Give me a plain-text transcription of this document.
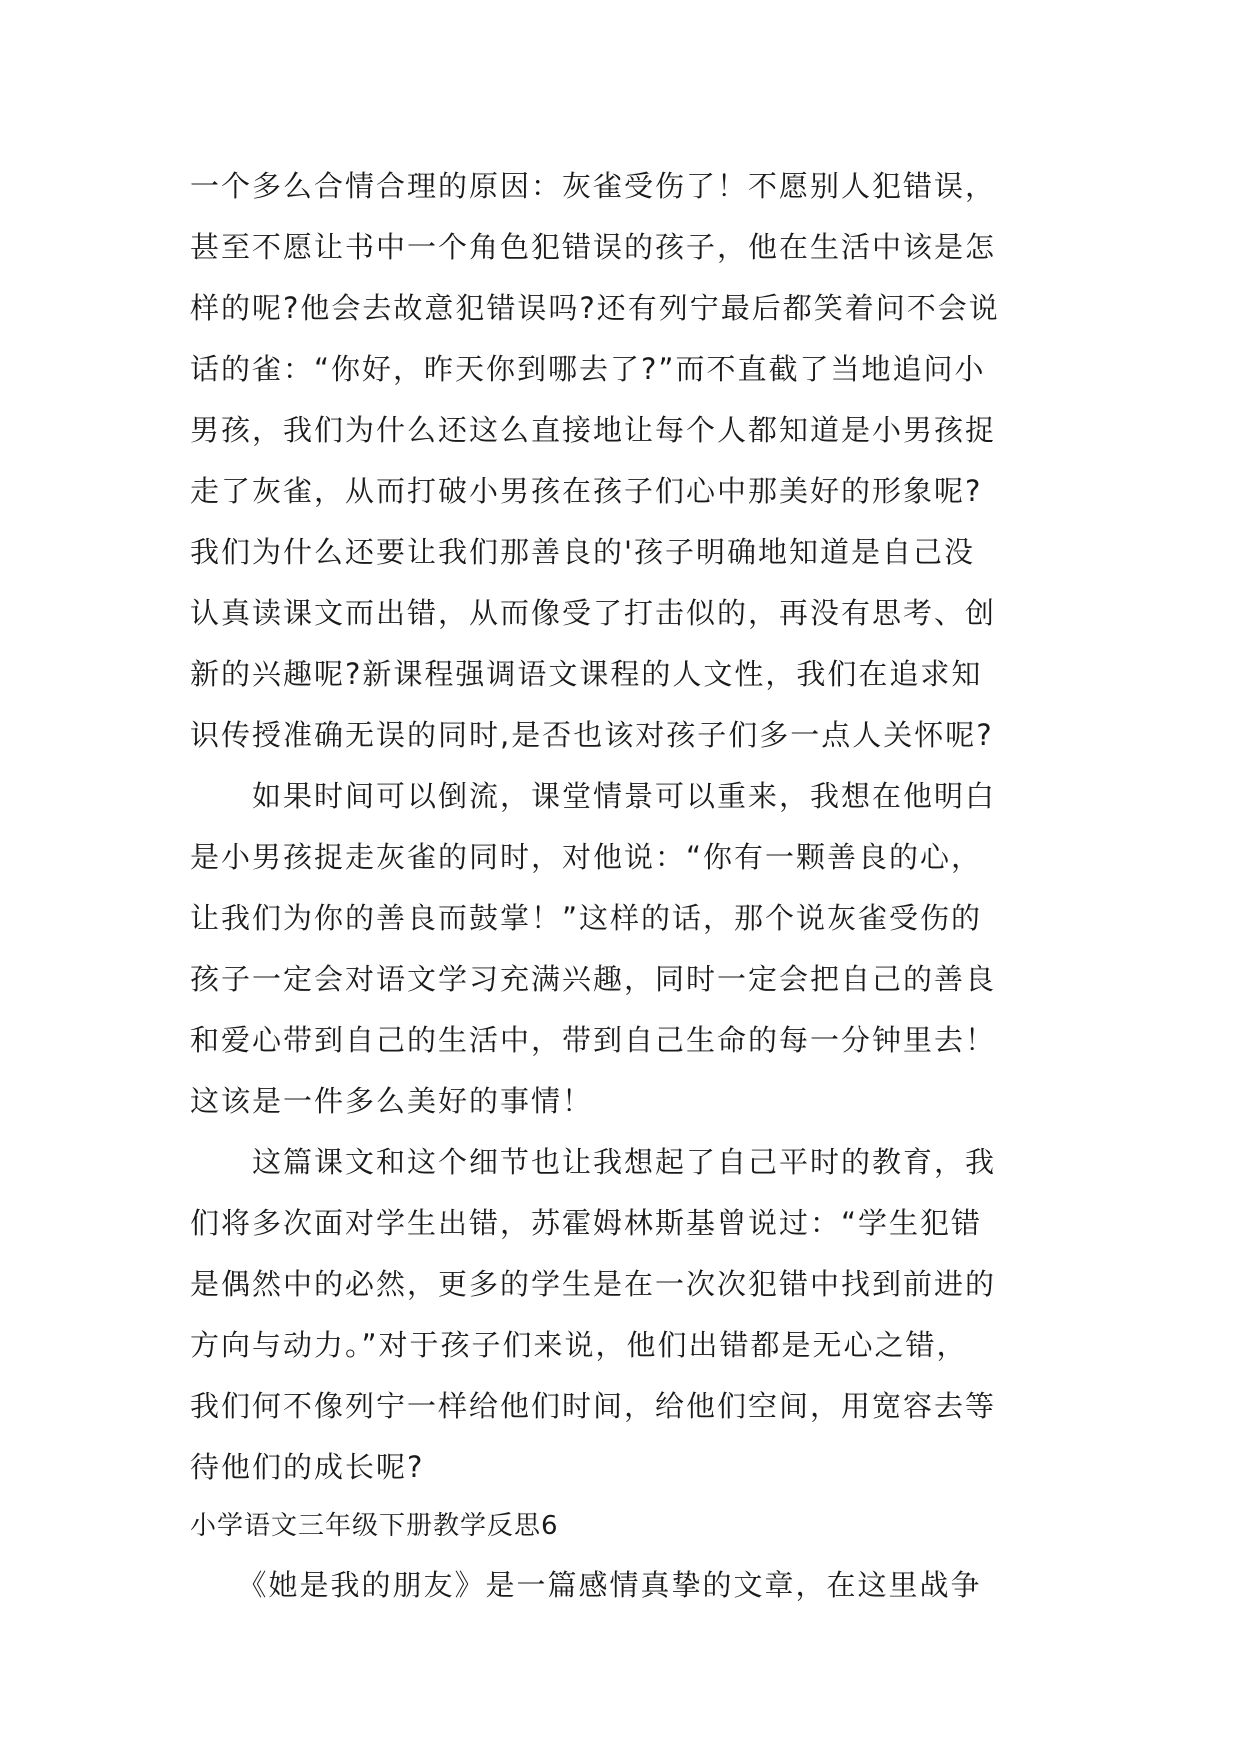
一个多么合情合理的原因：灰雀受伤了！不愿别人犯错误，
甚至不愿让书中一个角色犯错误的孩子，他在生活中该是怎
样的呢?他会去故意犯错误吗?还有列宁最后都笑着问不会说
话的雀：“你好，昨天你到哪去了?”而不直截了当地追问小
男孩，我们为什么还这么直接地让每个人都知道是小男孩捉
走了灰雀，从而打破小男孩在孩子们心中那美好的形象呢?
我们为什么还要让我们那善良的'孩子明确地知道是自己没
认真读课文而出错，从而像受了打击似的，再没有思考、创
新的兴趣呢?新课程强调语文课程的人文性，我们在追求知
识传授准确无误的同时,是否也该对孩子们多一点人关怀呢?
　　如果时间可以倒流，课堂情景可以重来，我想在他明白
是小男孩捉走灰雀的同时，对他说：“你有一颗善良的心，
让我们为你的善良而鼓掌！”这样的话，那个说灰雀受伤的
孩子一定会对语文学习充满兴趣，同时一定会把自己的善良
和爱心带到自己的生活中，带到自己生命的每一分钟里去！
这该是一件多么美好的事情！
　　这篇课文和这个细节也让我想起了自己平时的教育，我
们将多次面对学生出错，苏霍姆林斯基曾说过：“学生犯错
是偶然中的必然，更多的学生是在一次次犯错中找到前进的
方向与动力。”对于孩子们来说，他们出错都是无心之错，
我们何不像列宁一样给他们时间，给他们空间，用宽容去等
待他们的成长呢?
小学语文三年级下册教学反思6
　　《她是我的朋友》是一篇感情真挚的文章，在这里战争
